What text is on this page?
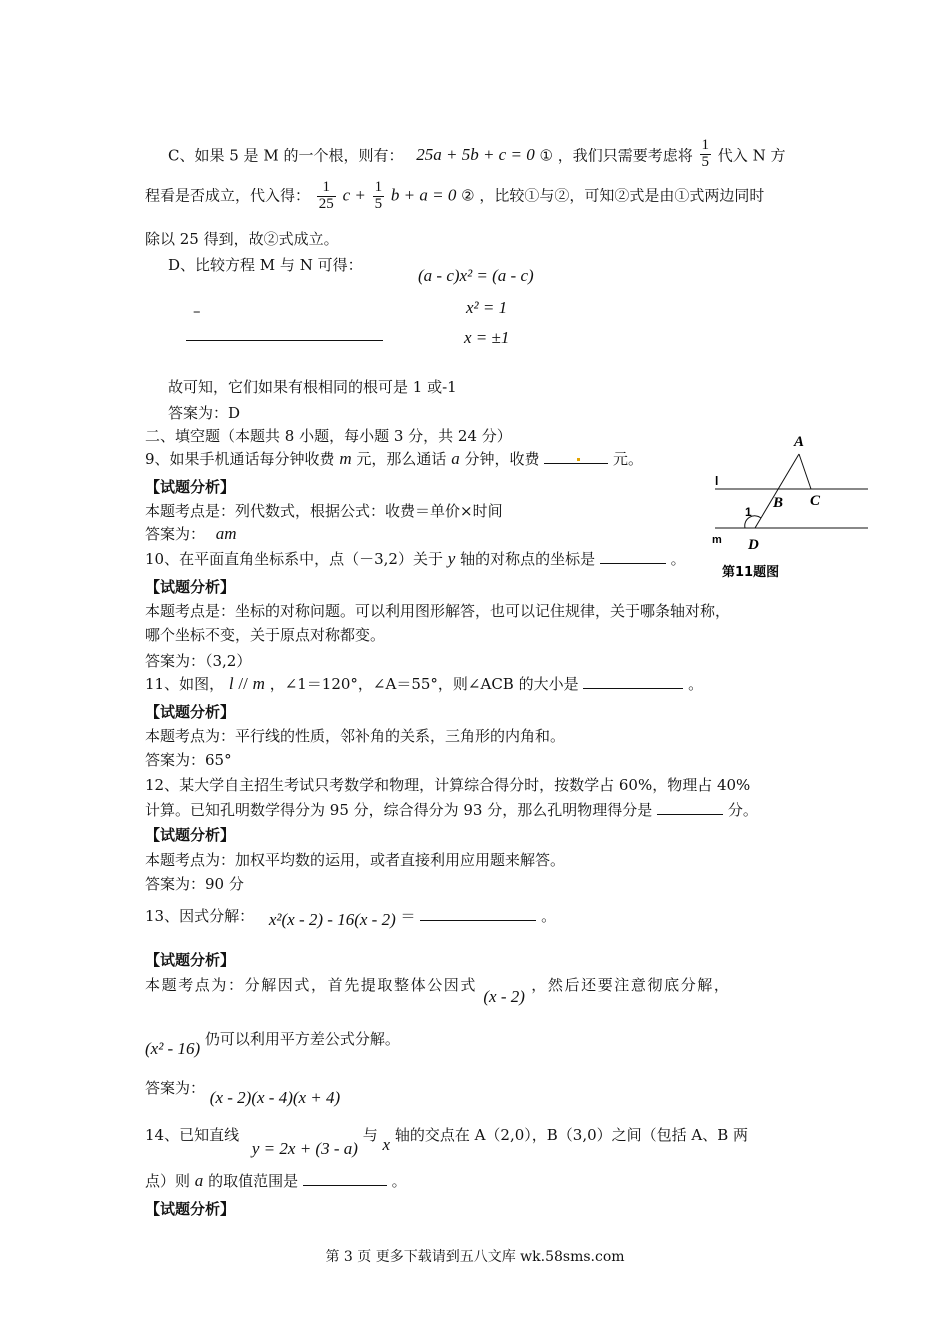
C、如果 5 是 M 的一个根，则有： 25a + 5b + c = 0 ① ，我们只需要考虑将 $\frac{1}{5}$ 代入 N 方
程看是否成立，代入得： $\frac{1}{25}$ $c + \frac{1}{5}$ b + a = 0 ② ，比较①与②，可知②式是由①式两边同时
除以 25 得到，故②式成立。
D、比较方程 M 与 N 可得：
(a - c)x² = (a - c)
x² = 1
x = ±1
–
故可知，它们如果有根相同的根可是 1 或-1
答案为：D
二、填空题（本题共 8 小题，每小题 3 分，共 24 分）
9、如果手机通话每分钟收费 m 元，那么通话 a 分钟，收费	元。
【试题分析】
本题考点是：列代数式，根据公式：收费＝单价×时间
答案为： am
10、在平面直角坐标系中，点（－3,2）关于 y 轴的对称点的坐标是	。
【试题分析】
本题考点是：坐标的对称问题。可以利用图形解答，也可以记住规律，关于哪条轴对称，
哪个坐标不变，关于原点对称都变。
答案为：（3,2）
11、如图， l // m ，∠1＝120°，∠A＝55°，则∠ACB 的大小是	。
【试题分析】
本题考点为：平行线的性质，邻补角的关系，三角形的内角和。
答案为：65°
12、某大学自主招生考试只考数学和物理，计算综合得分时，按数学占 60%，物理占 40%
计算。已知孔明数学得分为 95 分，综合得分为 93 分，那么孔明物理得分是	分。
【试题分析】
本题考点为：加权平均数的运用，或者直接利用应用题来解答。
答案为：90 分
13、因式分解： x²(x - 2) - 16(x - 2) ＝	。
【试题分析】
本题考点为：分解因式，首先提取整体公因式 (x - 2) ，然后还要注意彻底分解，
(x² - 16) 仍可以利用平方差公式分解。
答案为： (x - 2)(x - 4)(x + 4)
14、已知直线 y = 2x + (3 - a) 与 x 轴的交点在 A（2,0），B（3,0）之间（包括 A、B 两
点）则 a 的取值范围是	。
【试题分析】
A
B C
D
l
m
1
第11题图
第 3 页 更多下载请到五八文库 wk.58sms.com
